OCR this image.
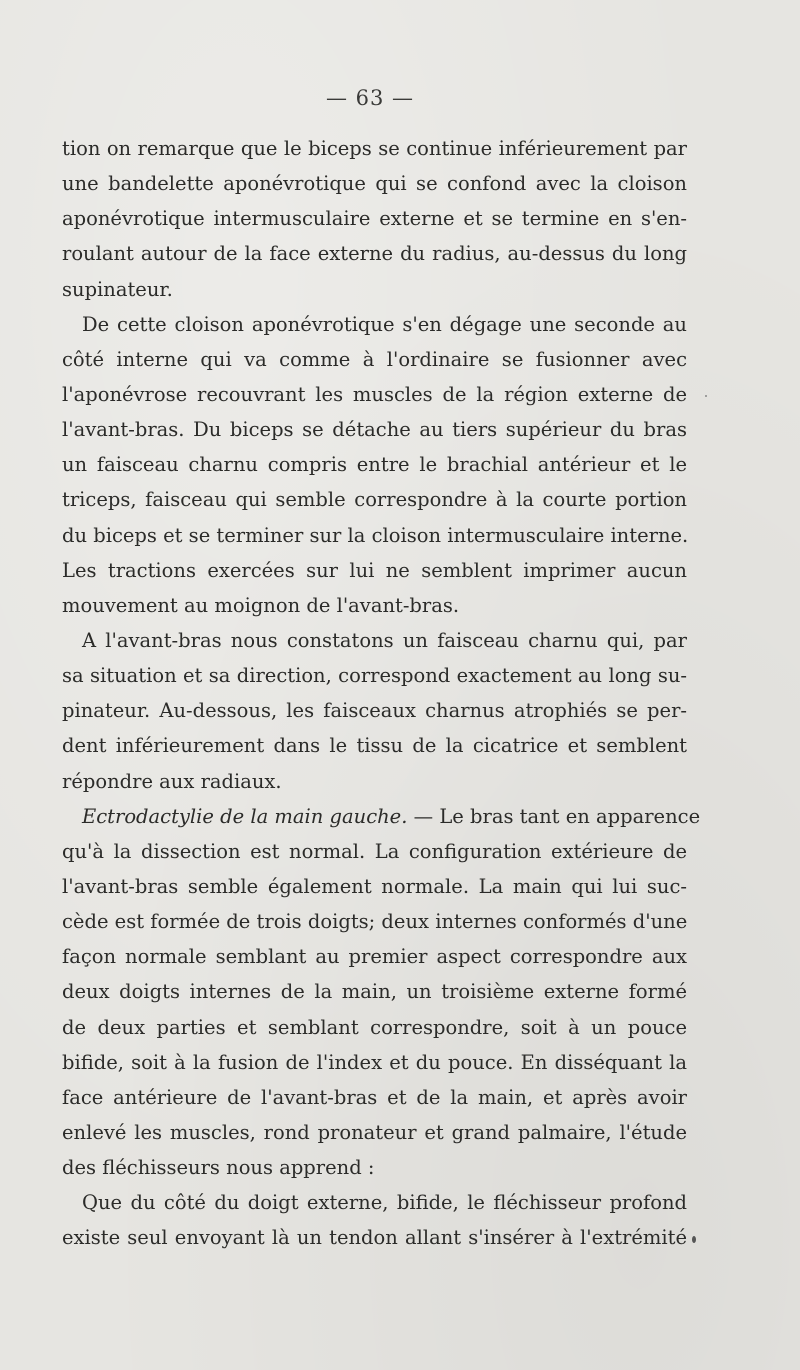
— 63 —
tion on remarque que le biceps se continue inférieurement par
une bandelette aponévrotique qui se confond avec la cloison
aponévrotique intermusculaire externe et se termine en s'en-
roulant autour de la face externe du radius, au-dessus du long
supinateur.
De cette cloison aponévrotique s'en dégage une seconde au
côté interne qui va comme à l'ordinaire se fusionner avec
l'aponévrose recouvrant les muscles de la région externe de
l'avant-bras. Du biceps se détache au tiers supérieur du bras
un faisceau charnu compris entre le brachial antérieur et le
triceps, faisceau qui semble correspondre à la courte portion
du biceps et se terminer sur la cloison intermusculaire interne.
Les tractions exercées sur lui ne semblent imprimer aucun
mouvement au moignon de l'avant-bras.
A l'avant-bras nous constatons un faisceau charnu qui, par
sa situation et sa direction, correspond exactement au long su-
pinateur. Au-dessous, les faisceaux charnus atrophiés se per-
dent inférieurement dans le tissu de la cicatrice et semblent
répondre aux radiaux.
Ectrodactylie de la main gauche. — Le bras tant en apparence
qu'à la dissection est normal. La configuration extérieure de
l'avant-bras semble également normale. La main qui lui suc-
cède est formée de trois doigts; deux internes conformés d'une
façon normale semblant au premier aspect correspondre aux
deux doigts internes de la main, un troisième externe formé
de deux parties et semblant correspondre, soit à un pouce
bifide, soit à la fusion de l'index et du pouce. En disséquant la
face antérieure de l'avant-bras et de la main, et après avoir
enlevé les muscles, rond pronateur et grand palmaire, l'étude
des fléchisseurs nous apprend :
Que du côté du doigt externe, bifide, le fléchisseur profond
existe seul envoyant là un tendon allant s'insérer à l'extrémité
